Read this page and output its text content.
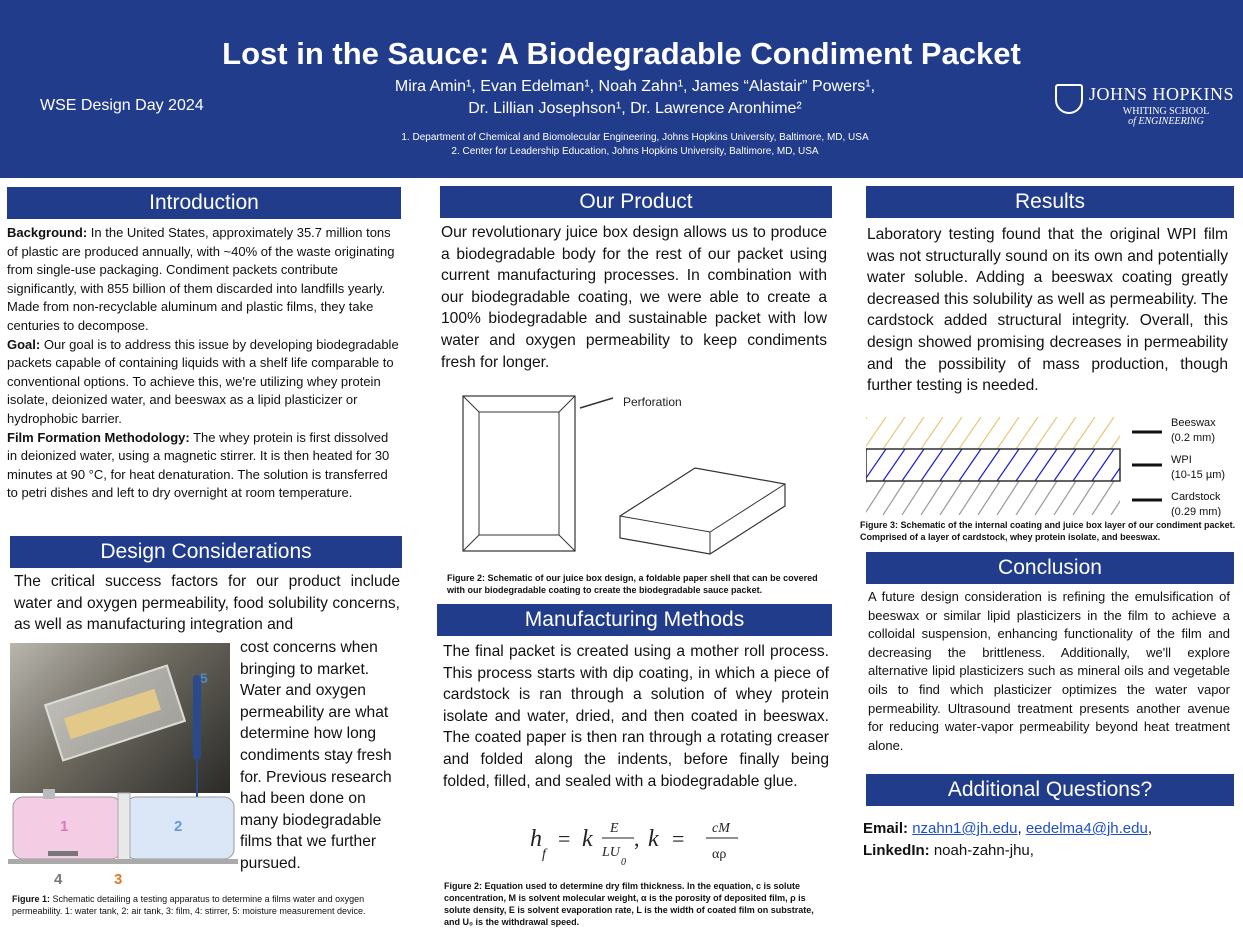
WSE Design Day 2024
Lost in the Sauce: A Biodegradable Condiment Packet
Mira Amin¹, Evan Edelman¹, Noah Zahn¹, James “Alastair” Powers¹,
Dr. Lillian Josephson¹, Dr. Lawrence Aronhime²
1. Department of Chemical and Biomolecular Engineering, Johns Hopkins University, Baltimore, MD, USA
2. Center for Leadership Education, Johns Hopkins University, Baltimore, MD, USA
JOHNS HOPKINS
WHITING SCHOOL
of ENGINEERING
Introduction
Background: In the United States, approximately 35.7 million tons of plastic are produced annually, with ~40% of the waste originating from single-use packaging. Condiment packets contribute significantly, with 855 billion of them discarded into landfills yearly. Made from non-recyclable aluminum and plastic films, they take centuries to decompose.
Goal: Our goal is to address this issue by developing biodegradable packets capable of containing liquids with a shelf life comparable to conventional options. To achieve this, we're utilizing whey protein isolate, deionized water, and beeswax as a lipid plasticizer or hydrophobic barrier.
Film Formation Methodology: The whey protein is first dissolved in deionized water, using a magnetic stirrer. It is then heated for 30 minutes at 90 °C, for heat denaturation. The solution is transferred to petri dishes and left to dry overnight at room temperature.
Design Considerations
The critical success factors for our product include water and oxygen permeability, food solubility concerns, as well as manufacturing integration and
cost concerns when bringing to market. Water and oxygen permeability are what determine how long condiments stay fresh for. Previous research had been done on many biodegradable films that we further pursued.
5
1	2
3
4
Figure 1: Schematic detailing a testing apparatus to determine a films water and oxygen permeability. 1: water tank, 2: air tank, 3: film, 4: stirrer, 5: moisture measurement device.
Our Product
Our revolutionary juice box design allows us to produce a biodegradable body for the rest of our packet using current manufacturing processes. In combination with our biodegradable coating, we were able to create a 100% biodegradable and sustainable packet with low water and oxygen permeability to keep condiments fresh for longer.
Perforation
Figure 2: Schematic of our juice box design, a foldable paper shell that can be covered with our biodegradable coating to create the biodegradable sauce packet.
Manufacturing Methods
The final packet is created using a mother roll process. This process starts with dip coating, in which a piece of cardstock is ran through a solution of whey protein isolate and water, dried, and then coated in beeswax. The coated paper is then ran through a rotating creaser and folded along the indents, before finally being folded, filled, and sealed with a biodegradable glue.
h
f
= k E
LU
0
, k = cM
αρ
Figure 2: Equation used to determine dry film thickness. In the equation, c is solute concentration, M is solvent molecular weight, α is the porosity of deposited film, ρ is solute density, E is solvent evaporation rate, L is the width of coated film on substrate, and U₀ is the withdrawal speed.
Results
Laboratory testing found that the original WPI film was not structurally sound on its own and potentially water soluble. Adding a beeswax coating greatly decreased this solubility as well as permeability. The cardstock added structural integrity. Overall, this design showed promising decreases in permeability and the possibility of mass production, though further testing is needed.
Beeswax
(0.2 mm)
WPI
(10-15 µm)
Cardstock
(0.29 mm)
Figure 3: Schematic of the internal coating and juice box layer of our condiment packet. Comprised of a layer of cardstock, whey protein isolate, and beeswax.
Conclusion
A future design consideration is refining the emulsification of beeswax or similar lipid plasticizers in the film to achieve a colloidal suspension, enhancing functionality of the film and decreasing the brittleness. Additionally, we'll explore alternative lipid plasticizers such as mineral oils and vegetable oils to find which plasticizer optimizes the water vapor permeability. Ultrasound treatment presents another avenue for reducing water-vapor permeability beyond heat treatment alone.
Additional Questions?
Email: nzahn1@jh.edu, eedelma4@jh.edu,
LinkedIn: noah-zahn-jhu,
